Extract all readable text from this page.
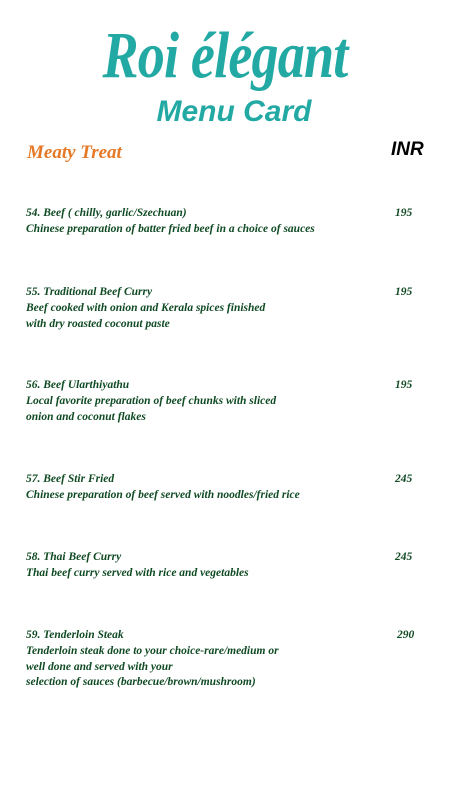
Roi élégant
Menu Card
Meaty Treat	INR
54. Beef ( chilly, garlic/Szechuan)
Chinese preparation of batter fried beef in a choice of sauces
195
55. Traditional Beef Curry
Beef cooked with onion and Kerala spices finished
with dry roasted coconut paste
195
56. Beef Ularthiyathu
Local favorite preparation of beef chunks with sliced
onion and coconut flakes
195
57. Beef Stir Fried
Chinese preparation of beef served with noodles/fried rice
245
58. Thai Beef Curry
Thai beef curry served with rice and vegetables
245
59. Tenderloin Steak
Tenderloin steak done to your choice-rare/medium or
well done and served with your
selection of sauces (barbecue/brown/mushroom)
290
